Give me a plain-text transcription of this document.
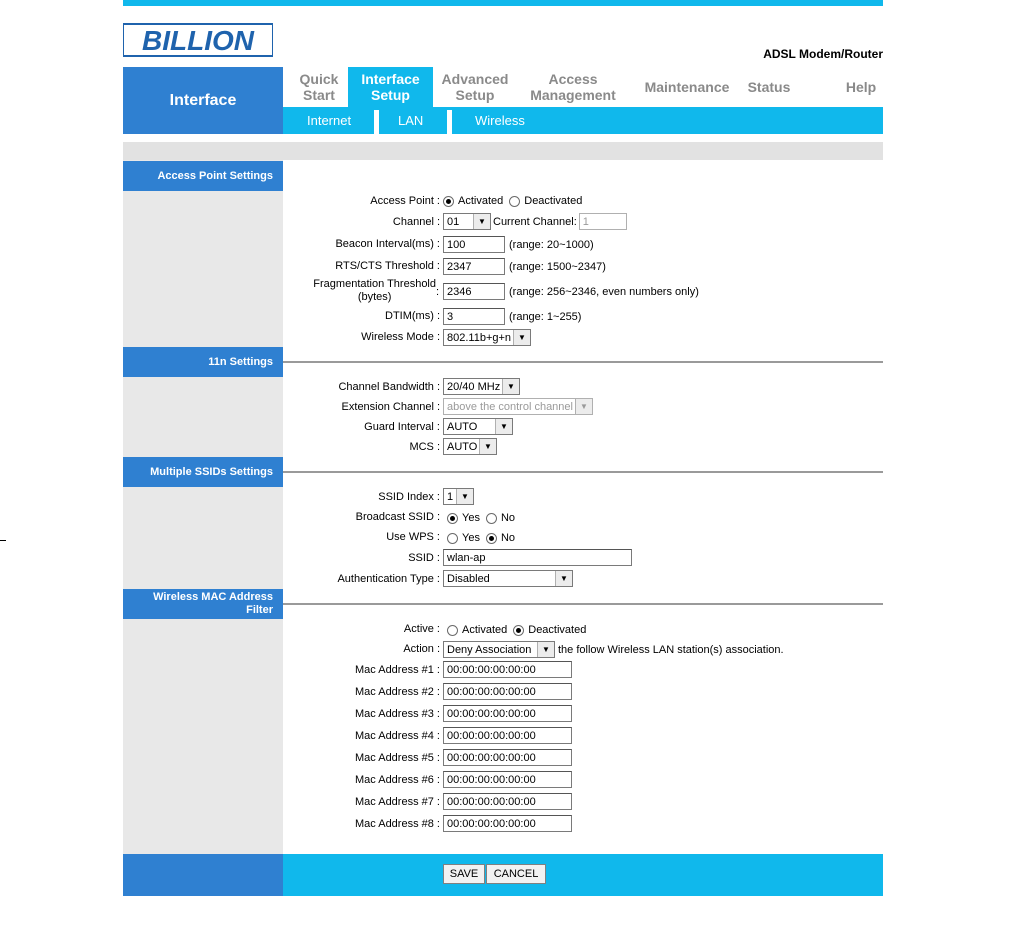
BILLION	ADSL Modem/Router
Interface
Quick
Start
Interface
Setup
Advanced
Setup
Access
Management Maintenance Status	Help
Internet	LAN	Wireless
Access Point Settings
Access Point : Activated Deactivated
Channel : 01	▼ Current Channel: 1
Beacon Interval(ms) : 100	(range: 20~1000)
RTS/CTS Threshold : 2347	(range: 1500~2347)
Fragmentation Threshold
(bytes)	: 2346	(range: 256~2346, even numbers only)
DTIM(ms) : 3	(range: 1~255)
Wireless Mode : 802.11b+g+n ▼
11n Settings
Channel Bandwidth : 20/40 MHz ▼
Extension Channel : above the control channel ▼
Guard Interval : AUTO	▼
MCS : AUTO ▼
Multiple SSIDs Settings
SSID Index : 1 ▼
Broadcast SSID : Yes No
Use WPS : Yes No
SSID : wlan-ap
Authentication Type : Disabled	▼
Wireless MAC Address
Filter
Active : Activated Deactivated
Action : Deny Association	▼ the follow Wireless LAN station(s) association.
Mac Address #1 : 00:00:00:00:00:00
Mac Address #2 : 00:00:00:00:00:00
Mac Address #3 : 00:00:00:00:00:00
Mac Address #4 : 00:00:00:00:00:00
Mac Address #5 : 00:00:00:00:00:00
Mac Address #6 : 00:00:00:00:00:00
Mac Address #7 : 00:00:00:00:00:00
Mac Address #8 : 00:00:00:00:00:00
SAVE	CANCEL
